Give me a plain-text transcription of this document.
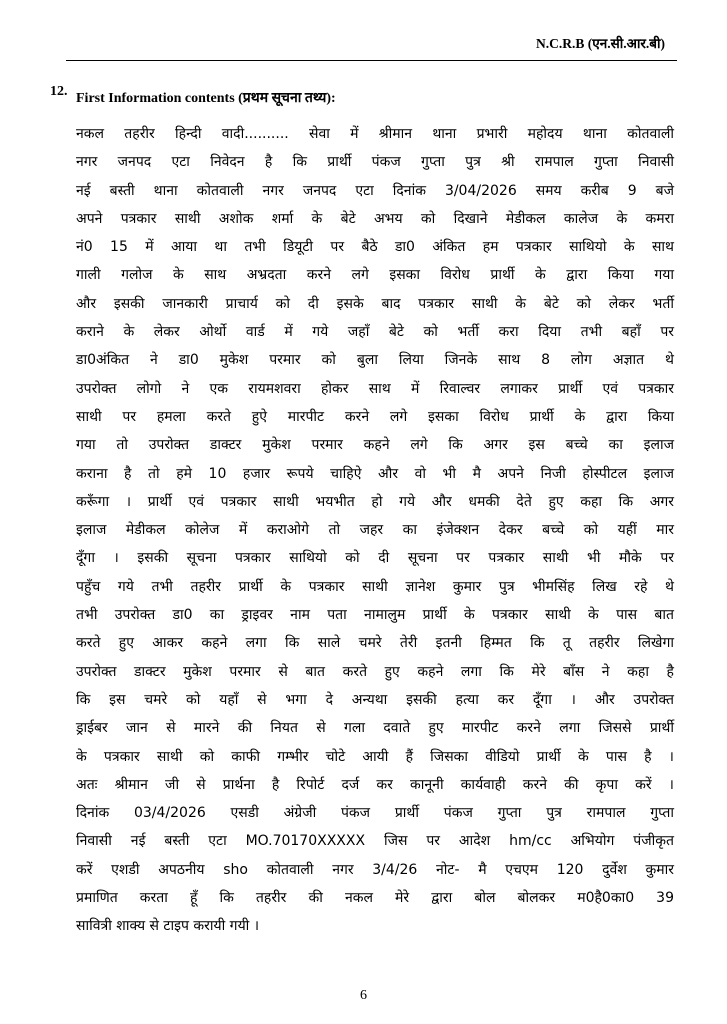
N.C.R.B (एन.सी.आर.बी)
12. First Information contents (प्रथम सूचना तथ्य):
नकल तहरीर हिन्दी वादी.......... सेवा में श्रीमान थाना प्रभारी महोदय थाना कोतवाली
नगर जनपद एटा निवेदन है कि प्रार्थी पंकज गुप्ता पुत्र श्री रामपाल गुप्ता निवासी
नई बस्ती थाना कोतवाली नगर जनपद एटा दिनांक 3/04/2026 समय करीब 9 बजे
अपने पत्रकार साथी अशोक शर्मा के बेटे अभय को दिखाने मेडीकल कालेज के कमरा
नं0 15 में आया था तभी डियूटी पर बैठे डा0 अंकित हम पत्रकार साथियो के साथ
गाली गलोज के साथ अभ्रदता करने लगे इसका विरोध प्रार्थी के द्वारा किया गया
और इसकी जानकारी प्राचार्य को दी इसके बाद पत्रकार साथी के बेटे को लेकर भर्ती
कराने के लेकर ओर्थो वार्ड में गये जहाँ बेटे को भर्ती करा दिया तभी बहाँ पर
डा0अंकित ने डा0 मुकेश परमार को बुला लिया जिनके साथ 8 लोग अज्ञात थे
उपरोक्त लोगो ने एक रायमशवरा होकर साथ में रिवाल्वर लगाकर प्रार्थी एवं पत्रकार
साथी पर हमला करते हुऐ मारपीट करने लगे इसका विरोध प्रार्थी के द्वारा किया
गया तो उपरोक्त डाक्टर मुकेश परमार कहने लगे कि अगर इस बच्चे का इलाज
कराना है तो हमे 10 हजार रूपये चाहिऐ और वो भी मै अपने निजी होस्पीटल इलाज
करूँगा । प्रार्थी एवं पत्रकार साथी भयभीत हो गये और धमकी देते हुए कहा कि अगर
इलाज मेडीकल कोलेज में कराओगे तो जहर का इंजेक्शन देकर बच्चे को यहीं मार
दूँगा । इसकी सूचना पत्रकार साथियो को दी सूचना पर पत्रकार साथी भी मौके पर
पहुँच गये तभी तहरीर प्रार्थी के पत्रकार साथी ज्ञानेश कुमार पुत्र भीमसिंह लिख रहे थे
तभी उपरोक्त डा0 का ड्राइवर नाम पता नामालुम प्रार्थी के पत्रकार साथी के पास बात
करते हुए आकर कहने लगा कि साले चमरे तेरी इतनी हिम्मत कि तू तहरीर लिखेगा
उपरोक्त डाक्टर मुकेश परमार से बात करते हुए कहने लगा कि मेरे बाँस ने कहा है
कि इस चमरे को यहाँ से भगा दे अन्यथा इसकी हत्या कर दूँगा । और उपरोक्त
ड्राईबर जान से मारने की नियत से गला दवाते हुए मारपीट करने लगा जिससे प्रार्थी
के पत्रकार साथी को काफी गम्भीर चोटे आयी हैं जिसका वीडियो प्रार्थी के पास है ।
अतः श्रीमान जी से प्रार्थना है रिपोर्ट दर्ज कर कानूनी कार्यवाही करने की कृपा करें ।
दिनांक 03/4/2026 एसडी अंग्रेजी पंकज प्रार्थी पंकज गुप्ता पुत्र रामपाल गुप्ता
निवासी नई बस्ती एटा MO.70170XXXXX जिस पर आदेश hm/cc अभियोग पंजीकृत
करें एशडी अपठनीय sho कोतवाली नगर 3/4/26 नोट- मै एचएम 120 दुर्वेश कुमार
प्रमाणित करता हूँ कि तहरीर की नकल मेरे द्वारा बोल बोलकर म0है0का0 39
सावित्री शाक्य से टाइप करायी गयी ।
6
